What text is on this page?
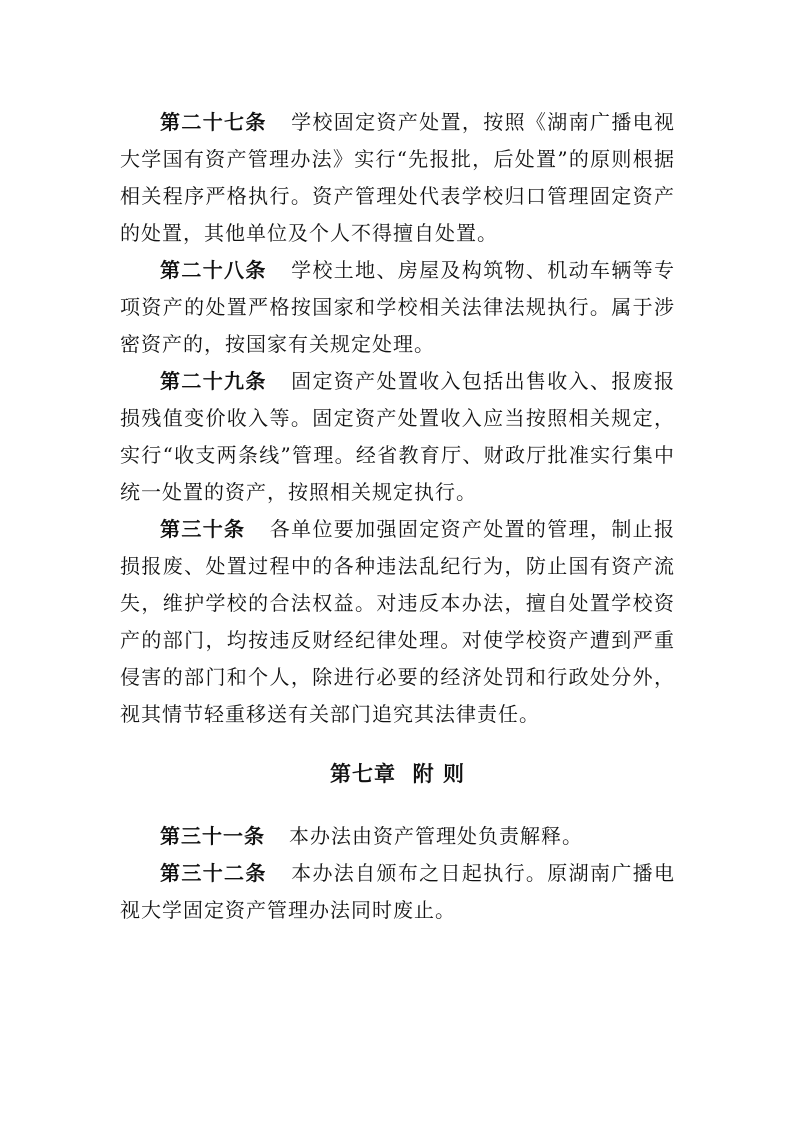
第二十七条 学校固定资产处置，按照《湖南广播电视大学国有资产管理办法》实行“先报批，后处置”的原则根据相关程序严格执行。资产管理处代表学校归口管理固定资产的处置，其他单位及个人不得擅自处置。

第二十八条 学校土地、房屋及构筑物、机动车辆等专项资产的处置严格按国家和学校相关法律法规执行。属于涉密资产的，按国家有关规定处理。

第二十九条 固定资产处置收入包括出售收入、报废报损残值变价收入等。固定资产处置收入应当按照相关规定，实行“收支两条线”管理。经省教育厅、财政厅批准实行集中统一处置的资产，按照相关规定执行。

第三十条 各单位要加强固定资产处置的管理，制止报损报废、处置过程中的各种违法乱纪行为，防止国有资产流失，维护学校的合法权益。对违反本办法，擅自处置学校资产的部门，均按违反财经纪律处理。对使学校资产遭到严重侵害的部门和个人，除进行必要的经济处罚和行政处分外，视其情节轻重移送有关部门追究其法律责任。

第七章  附 则

第三十一条 本办法由资产管理处负责解释。

第三十二条 本办法自颁布之日起执行。原湖南广播电视大学固定资产管理办法同时废止。
